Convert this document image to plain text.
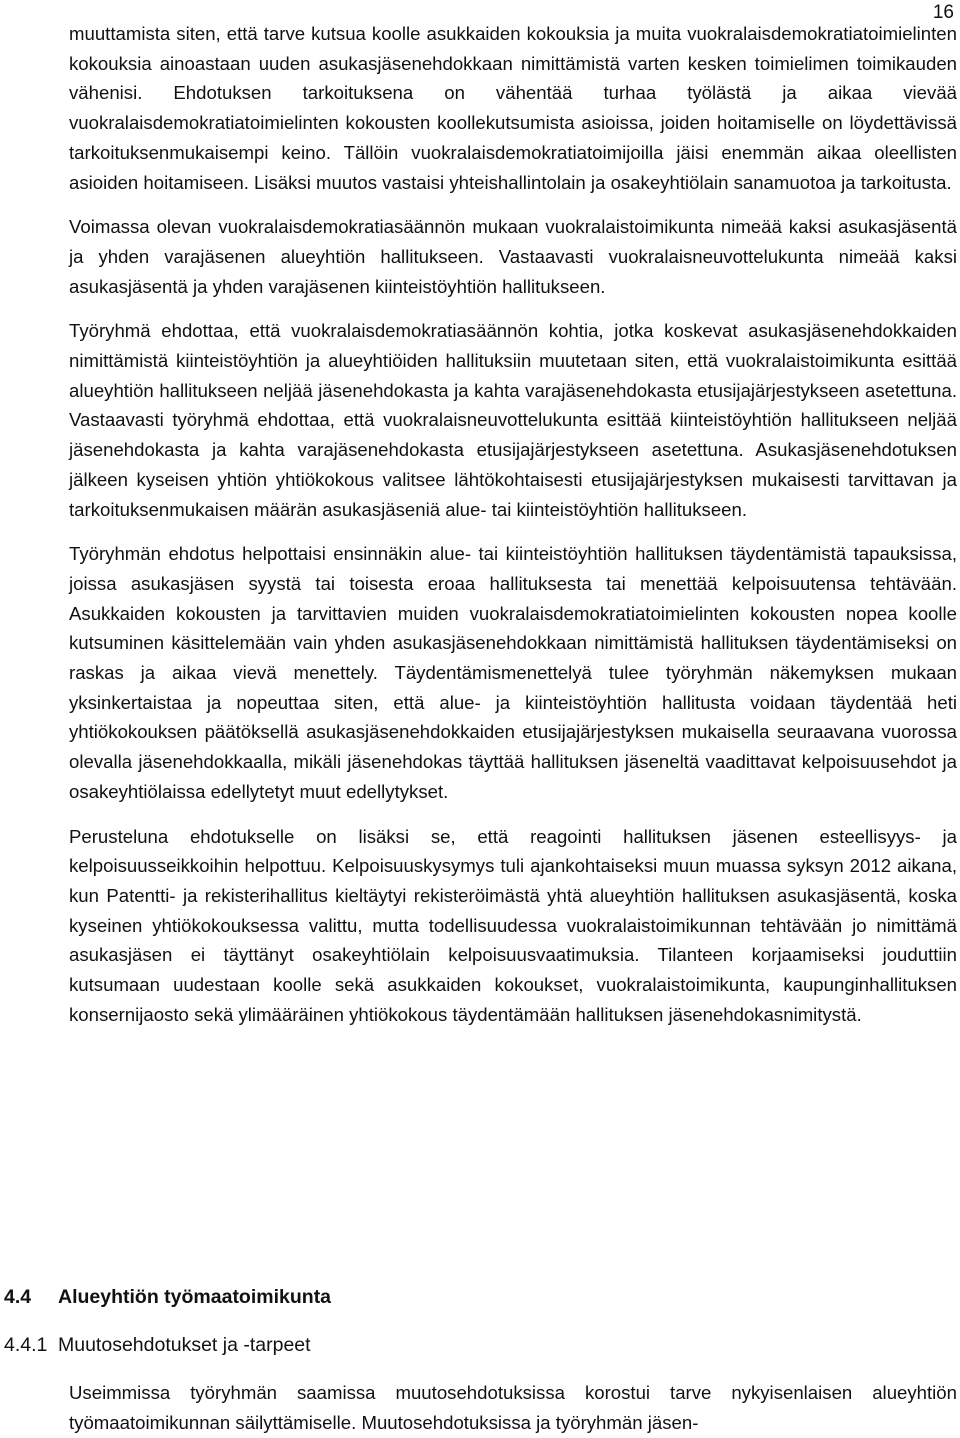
16

muuttamista siten, että tarve kutsua koolle asukkaiden kokouksia ja muita vuokralaisdemokratiatoimielinten kokouksia ainoastaan uuden asukasjäsenehdokkaan nimittämistä varten kesken toimielimen toimikauden vähenisi. Ehdotuksen tarkoituksena on vähentää turhaa työlästä ja aikaa vievää vuokralaisdemokratiatoimielinten kokousten koollekutsumista asioissa, joiden hoitamiselle on löydettävissä tarkoituksenmukaisempi keino. Tällöin vuokralaisdemokratiatoimijoilla jäisi enemmän aikaa oleellisten asioiden hoitamiseen. Lisäksi muutos vastaisi yhteishallintolain ja osakeyhtiölain sanamuotoa ja tarkoitusta.

Voimassa olevan vuokralaisdemokratiasäännön mukaan vuokralaistoimikunta nimeää kaksi asukasjäsentä ja yhden varajäsenen alueyhtiön hallitukseen. Vastaavasti vuokralaisneuvottelukunta nimeää kaksi asukasjäsentä ja yhden varajäsenen kiinteistöyhtiön hallitukseen.

Työryhmä ehdottaa, että vuokralaisdemokratiasäännön kohtia, jotka koskevat asukasjäsenehdokkaiden nimittämistä kiinteistöyhtiön ja alueyhtiöiden hallituksiin muutetaan siten, että vuokralaistoimikunta esittää alueyhtiön hallitukseen neljää jäsenehdokasta ja kahta varajäsenehdokasta etusijajärjestykseen asetettuna. Vastaavasti työryhmä ehdottaa, että vuokralaisneuvottelukunta esittää kiinteistöyhtiön hallitukseen neljää jäsenehdokasta ja kahta varajäsenehdokasta etusijajärjestykseen asetettuna. Asukasjäsenehdotuksen jälkeen kyseisen yhtiön yhtiökokous valitsee lähtökohtaisesti etusijajärjestyksen mukaisesti tarvittavan ja tarkoituksenmukaisen määrän asukasjäseniä alue- tai kiinteistöyhtiön hallitukseen.

Työryhmän ehdotus helpottaisi ensinnäkin alue- tai kiinteistöyhtiön hallituksen täydentämistä tapauksissa, joissa asukasjäsen syystä tai toisesta eroaa hallituksesta tai menettää kelpoisuutensa tehtävään. Asukkaiden kokousten ja tarvittavien muiden vuokralaisdemokratiatoimielinten kokousten nopea koolle kutsuminen käsittelemään vain yhden asukasjäsenehdokkaan nimittämistä hallituksen täydentämiseksi on raskas ja aikaa vievä menettely. Täydentämismenettelyä tulee työryhmän näkemyksen mukaan yksinkertaistaa ja nopeuttaa siten, että alue- ja kiinteistöyhtiön hallitusta voidaan täydentää heti yhtiökokouksen päätöksellä asukasjäsenehdokkaiden etusijajärjestyksen mukaisella seuraavana vuorossa olevalla jäsenehdokkaalla, mikäli jäsenehdokas täyttää hallituksen jäseneltä vaadittavat kelpoisuusehdot ja osakeyhtiölaissa edellytetyt muut edellytykset.

Perusteluna ehdotukselle on lisäksi se, että reagointi hallituksen jäsenen esteellisyys- ja kelpoisuusseikkoihin helpottuu. Kelpoisuuskysymys tuli ajankohtaiseksi muun muassa syksyn 2012 aikana, kun Patentti- ja rekisterihallitus kieltäytyi rekisteröimästä yhtä alueyhtiön hallituksen asukasjäsentä, koska kyseinen yhtiökokouksessa valittu, mutta todellisuudessa vuokralaistoimikunnan tehtävään jo nimittämä asukasjäsen ei täyttänyt osakeyhtiölain kelpoisuusvaatimuksia. Tilanteen korjaamiseksi jouduttiin kutsumaan uudestaan koolle sekä asukkaiden kokoukset, vuokralaistoimikunta, kaupunginhallituksen konsernijaosto sekä ylimääräinen yhtiökokous täydentämään hallituksen jäsenehdokasnimitystä.

4.4 Alueyhtiön työmaatoimikunta
4.4.1 Muutosehdotukset ja -tarpeet

Useimmissa työryhmän saamissa muutosehdotuksissa korostui tarve nykyisenlaisen alueyhtiön työmaatoimikunnan säilyttämiselle. Muutosehdotuksissa ja työryhmän jäsen-
